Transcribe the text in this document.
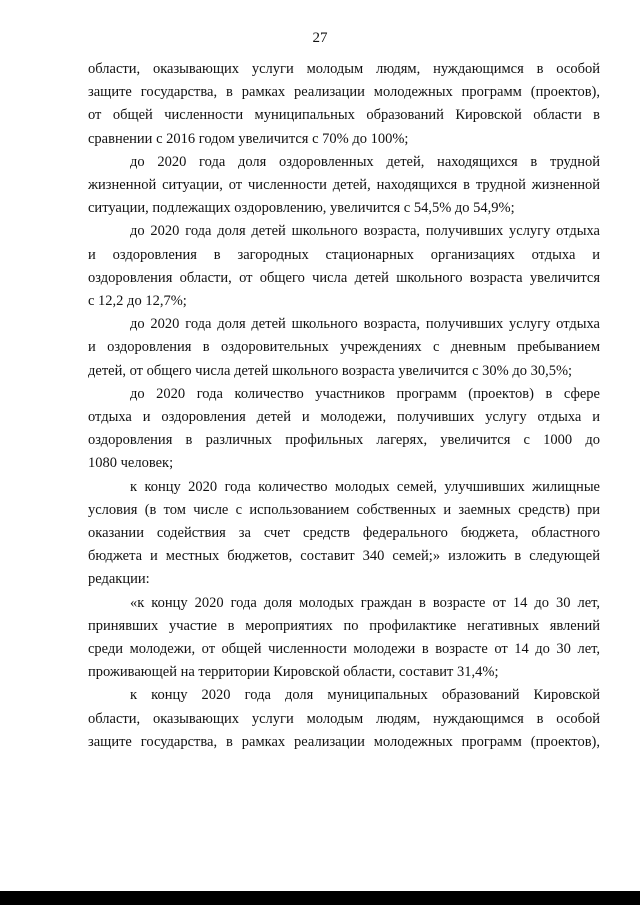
27
области, оказывающих услуги молодым людям, нуждающимся в особой
защите государства, в рамках реализации молодежных программ (проектов),
от общей численности муниципальных образований Кировской области в
сравнении с 2016 годом увеличится с 70% до 100%;
до 2020 года доля оздоровленных детей, находящихся в трудной
жизненной ситуации, от численности детей, находящихся в трудной жизненной
ситуации, подлежащих оздоровлению, увеличится с 54,5% до 54,9%;
до 2020 года доля детей школьного возраста, получивших услугу отдыха
и оздоровления в загородных стационарных организациях отдыха и
оздоровления области, от общего числа детей школьного возраста увеличится
с 12,2 до 12,7%;
до 2020 года доля детей школьного возраста, получивших услугу отдыха
и оздоровления в оздоровительных учреждениях с дневным пребыванием
детей, от общего числа детей школьного возраста увеличится с 30% до 30,5%;
до 2020 года количество участников программ (проектов) в сфере
отдыха и оздоровления детей и молодежи, получивших услугу отдыха и
оздоровления в различных профильных лагерях, увеличится с 1000 до
1080 человек;
к концу 2020 года количество молодых семей, улучшивших жилищные
условия (в том числе с использованием собственных и заемных средств) при
оказании содействия за счет средств федерального бюджета, областного
бюджета и местных бюджетов, составит 340 семей;» изложить в следующей
редакции:
«к концу 2020 года доля молодых граждан в возрасте от 14 до 30 лет,
принявших участие в мероприятиях по профилактике негативных явлений
среди молодежи, от общей численности молодежи в возрасте от 14 до 30 лет,
проживающей на территории Кировской области, составит 31,4%;
к концу 2020 года доля муниципальных образований Кировской
области, оказывающих услуги молодым людям, нуждающимся в особой
защите государства, в рамках реализации молодежных программ (проектов),
